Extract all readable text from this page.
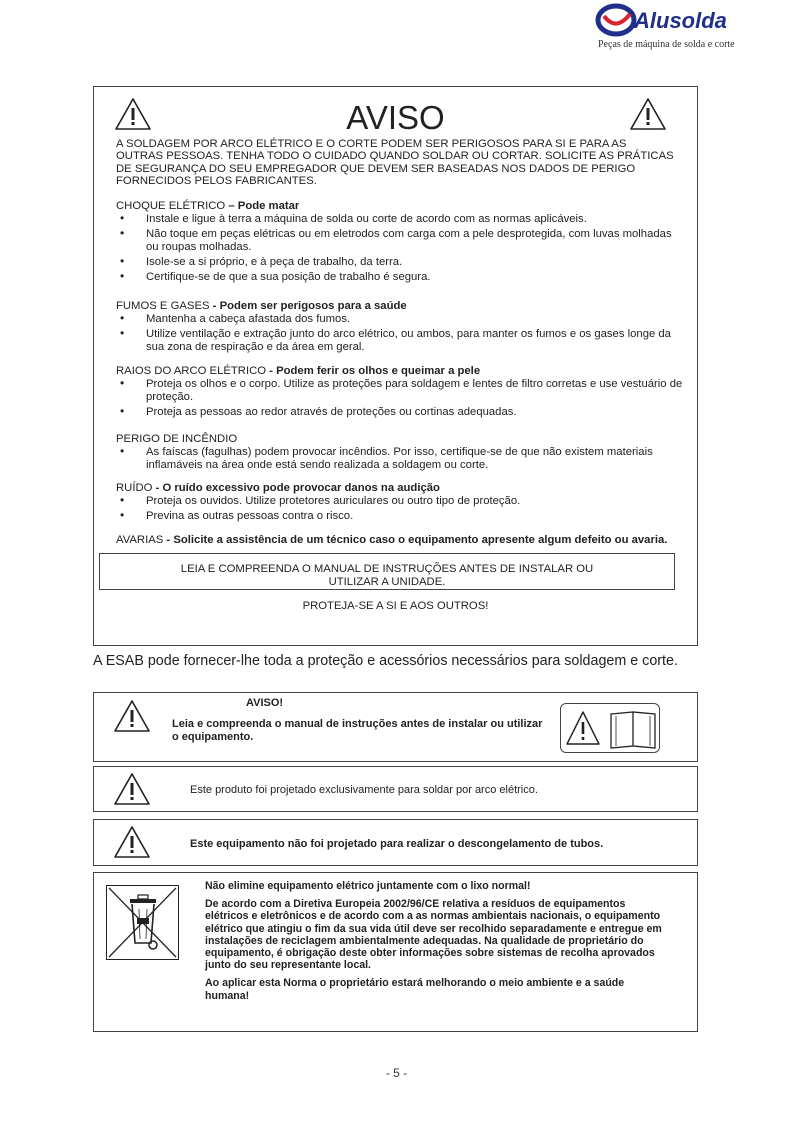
Alusolda
Peças de máquina de solda e corte
AVISO
A SOLDAGEM POR ARCO ELÉTRICO E O CORTE PODEM SER PERIGOSOS PARA SI E PARA AS OUTRAS PESSOAS. TENHA TODO O CUIDADO QUANDO SOLDAR OU CORTAR. SOLICITE AS PRÁTICAS DE SEGURANÇA DO SEU EMPREGADOR QUE DEVEM SER BASEADAS NOS DADOS DE PERIGO FORNECIDOS PELOS FABRICANTES.
CHOQUE ELÉTRICO – Pode matar
• Instale e ligue à terra a máquina de solda ou corte de acordo com as normas aplicáveis.
• Não toque em peças elétricas ou em eletrodos com carga com a pele desprotegida, com luvas molhadas ou roupas molhadas.
• Isole-se a si próprio, e à peça de trabalho, da terra.
• Certifique-se de que a sua posição de trabalho é segura.
FUMOS E GASES - Podem ser perigosos para a saúde
• Mantenha a cabeça afastada dos fumos.
• Utilize ventilação e extração junto do arco elétrico, ou ambos, para manter os fumos e os gases longe da sua zona de respiração e da área em geral.
RAIOS DO ARCO ELÉTRICO - Podem ferir os olhos e queimar a pele
• Proteja os olhos e o corpo. Utilize as proteções para soldagem e lentes de filtro corretas e use vestuário de proteção.
• Proteja as pessoas ao redor através de proteções ou cortinas adequadas.
PERIGO DE INCÊNDIO
• As faíscas (fagulhas) podem provocar incêndios. Por isso, certifique-se de que não existem materiais inflamáveis na área onde está sendo realizada a soldagem ou corte.
RUÍDO - O ruído excessivo pode provocar danos na audição
• Proteja os ouvidos. Utilize protetores auriculares ou outro tipo de proteção.
• Previna as outras pessoas contra o risco.
AVARIAS - Solicite a assistência de um técnico caso o equipamento apresente algum defeito ou avaria.
LEIA E COMPREENDA O MANUAL DE INSTRUÇÕES ANTES DE INSTALAR OU UTILIZAR A UNIDADE.
PROTEJA-SE A SI E AOS OUTROS!
A ESAB pode fornecer-lhe toda a proteção e acessórios necessários para soldagem e corte.
AVISO!
Leia e compreenda o manual de instruções antes de instalar ou utilizar o equipamento.
Este produto foi projetado exclusivamente para soldar por arco elétrico.
Este equipamento não foi projetado para realizar o descongelamento de tubos.

Não elimine equipamento elétrico juntamente com o lixo normal!

De acordo com a Diretiva Europeia 2002/96/CE relativa a resíduos de equipamentos elétricos e eletrônicos e de acordo com a as normas ambientais nacionais, o equipamento elétrico que atingiu o fim da sua vida útil deve ser recolhido separadamente e entregue em instalações de reciclagem ambientalmente adequadas. Na qualidade de proprietário do equipamento, é obrigação deste obter informações sobre sistemas de recolha aprovados junto do seu representante local.

Ao aplicar esta Norma o proprietário estará melhorando o meio ambiente e a saúde humana!

- 5 -
